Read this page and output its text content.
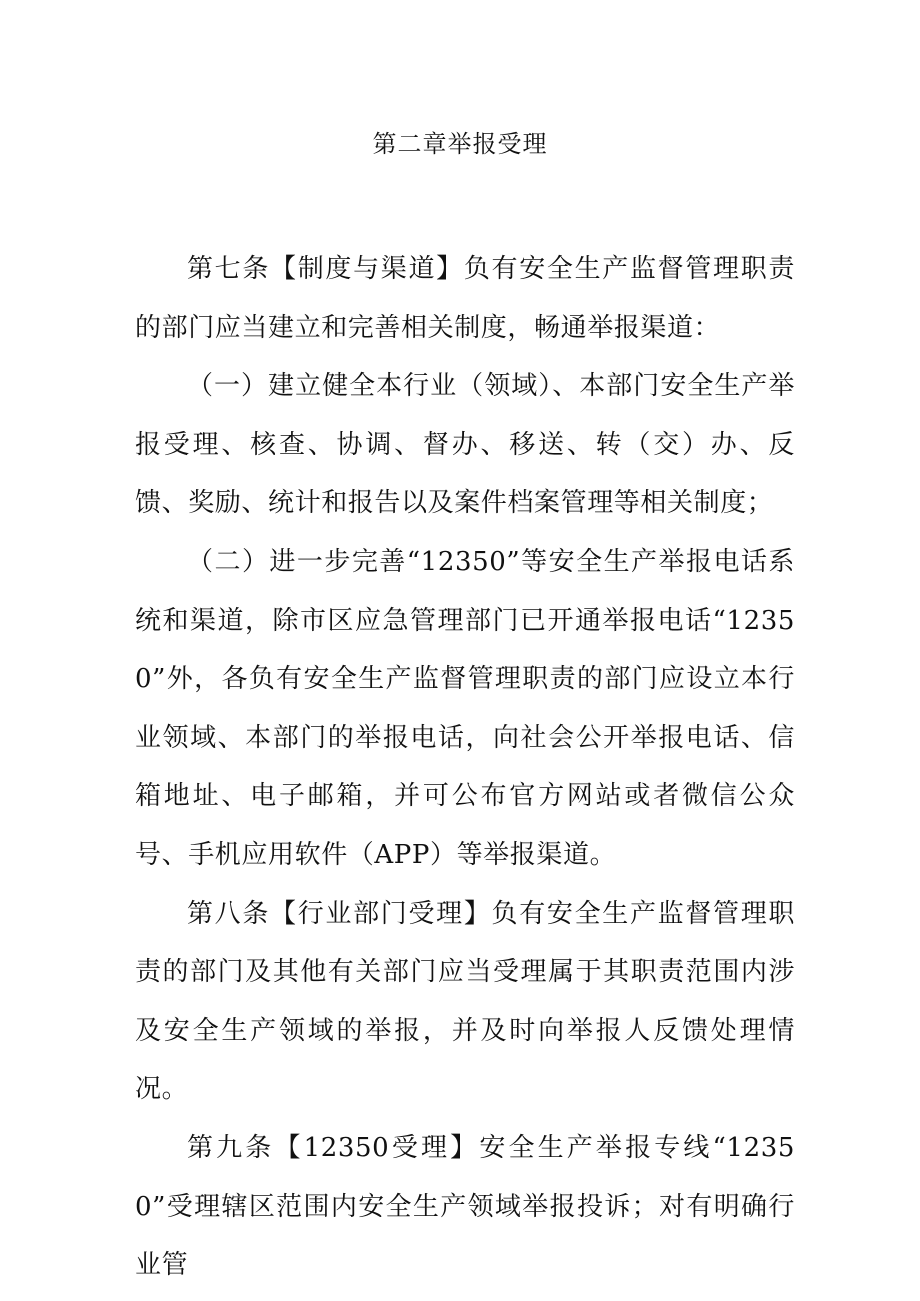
第二章举报受理

第七条【制度与渠道】负有安全生产监督管理职责的部门应当建立和完善相关制度，畅通举报渠道：

（一）建立健全本行业（领域）、本部门安全生产举报受理、核查、协调、督办、移送、转（交）办、反馈、奖励、统计和报告以及案件档案管理等相关制度；

（二）进一步完善“12350”等安全生产举报电话系统和渠道，除市区应急管理部门已开通举报电话“12350”外，各负有安全生产监督管理职责的部门应设立本行业领域、本部门的举报电话，向社会公开举报电话、信箱地址、电子邮箱，并可公布官方网站或者微信公众号、手机应用软件（APP）等举报渠道。

第八条【行业部门受理】负有安全生产监督管理职责的部门及其他有关部门应当受理属于其职责范围内涉及安全生产领域的举报，并及时向举报人反馈处理情况。

第九条【12350受理】安全生产举报专线“12350”受理辖区范围内安全生产领域举报投诉；对有明确行业管
